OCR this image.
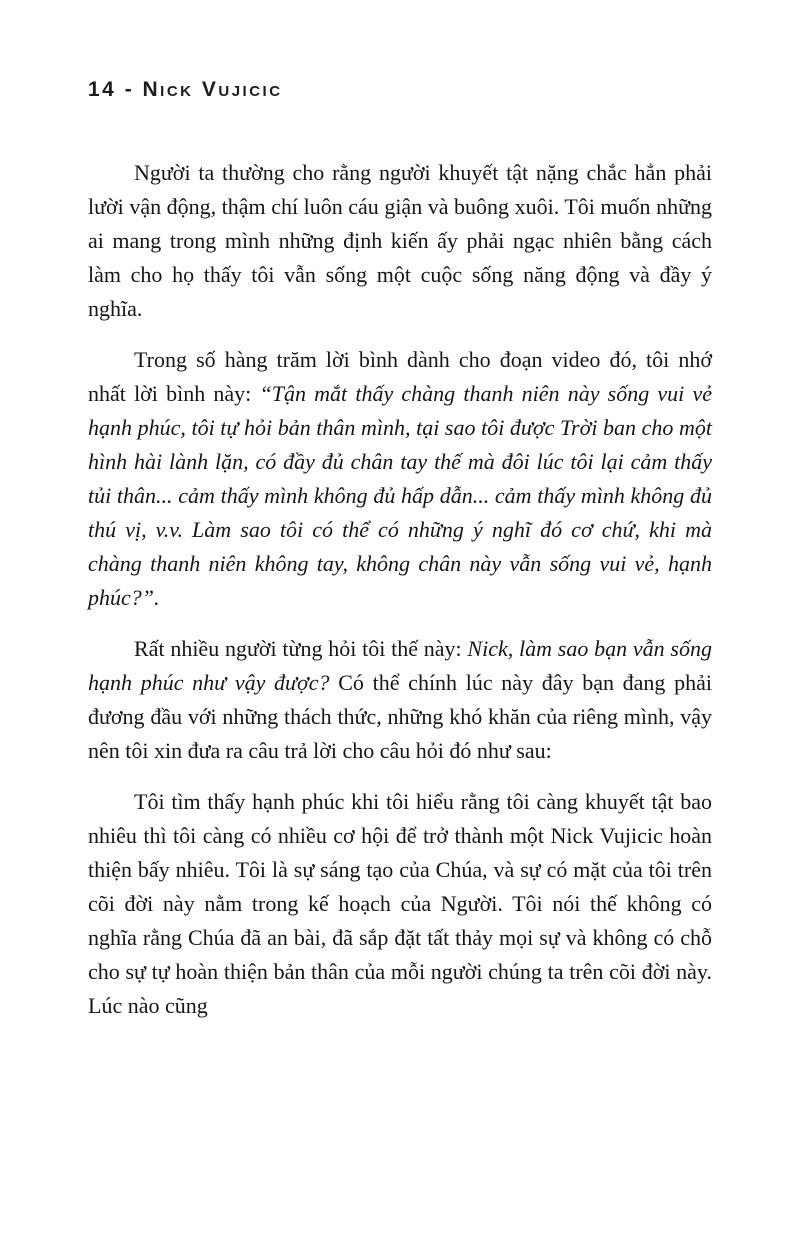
14 - Nick Vujicic

Người ta thường cho rằng người khuyết tật nặng chắc hẳn phải lười vận động, thậm chí luôn cáu giận và buông xuôi. Tôi muốn những ai mang trong mình những định kiến ấy phải ngạc nhiên bằng cách làm cho họ thấy tôi vẫn sống một cuộc sống năng động và đầy ý nghĩa.

Trong số hàng trăm lời bình dành cho đoạn video đó, tôi nhớ nhất lời bình này: “Tận mắt thấy chàng thanh niên này sống vui vẻ hạnh phúc, tôi tự hỏi bản thân mình, tại sao tôi được Trời ban cho một hình hài lành lặn, có đầy đủ chân tay thế mà đôi lúc tôi lại cảm thấy tủi thân... cảm thấy mình không đủ hấp dẫn... cảm thấy mình không đủ thú vị, v.v. Làm sao tôi có thể có những ý nghĩ đó cơ chứ, khi mà chàng thanh niên không tay, không chân này vẫn sống vui vẻ, hạnh phúc?”.

Rất nhiều người từng hỏi tôi thế này: Nick, làm sao bạn vẫn sống hạnh phúc như vậy được? Có thể chính lúc này đây bạn đang phải đương đầu với những thách thức, những khó khăn của riêng mình, vậy nên tôi xin đưa ra câu trả lời cho câu hỏi đó như sau:

Tôi tìm thấy hạnh phúc khi tôi hiểu rằng tôi càng khuyết tật bao nhiêu thì tôi càng có nhiều cơ hội để trở thành một Nick Vujicic hoàn thiện bấy nhiêu. Tôi là sự sáng tạo của Chúa, và sự có mặt của tôi trên cõi đời này nằm trong kế hoạch của Người. Tôi nói thế không có nghĩa rằng Chúa đã an bài, đã sắp đặt tất thảy mọi sự và không có chỗ cho sự tự hoàn thiện bản thân của mỗi người chúng ta trên cõi đời này. Lúc nào cũng
